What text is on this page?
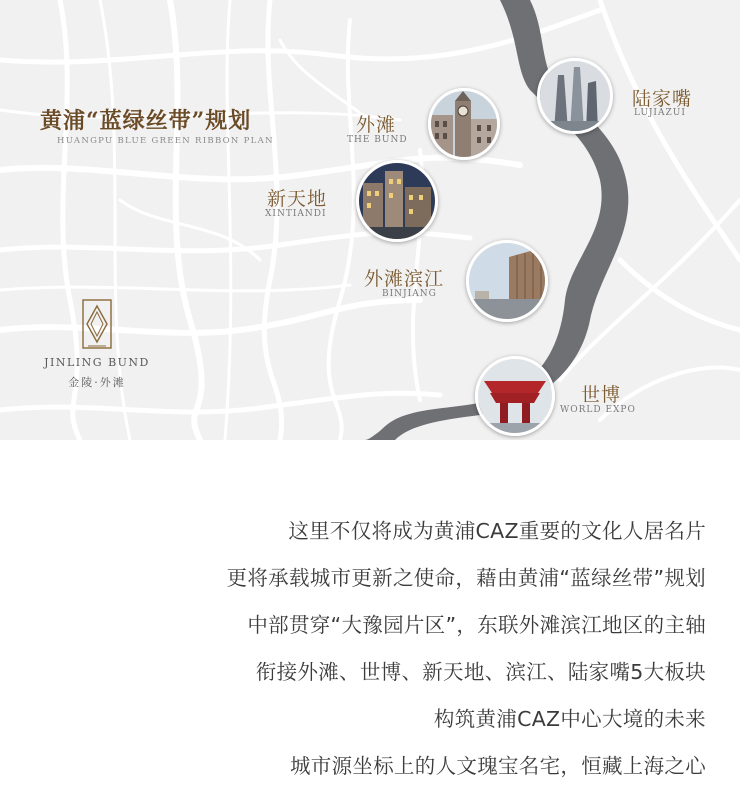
黄浦“蓝绿丝带”规划
HUANGPU BLUE GREEN RIBBON PLAN
JINLING BUND
金陵·外滩
外滩
THE BUND
陆家嘴
LUJIAZUI
新天地
XINTIANDI
外滩滨江
BINJIANG
世博
WORLD EXPO
这里不仅将成为黄浦CAZ重要的文化人居名片
更将承载城市更新之使命，藉由黄浦“蓝绿丝带”规划
中部贯穿“大豫园片区”，东联外滩滨江地区的主轴
衔接外滩、世博、新天地、滨江、陆家嘴5大板块
构筑黄浦CAZ中心大境的未来
城市源坐标上的人文瑰宝名宅，恒藏上海之心
